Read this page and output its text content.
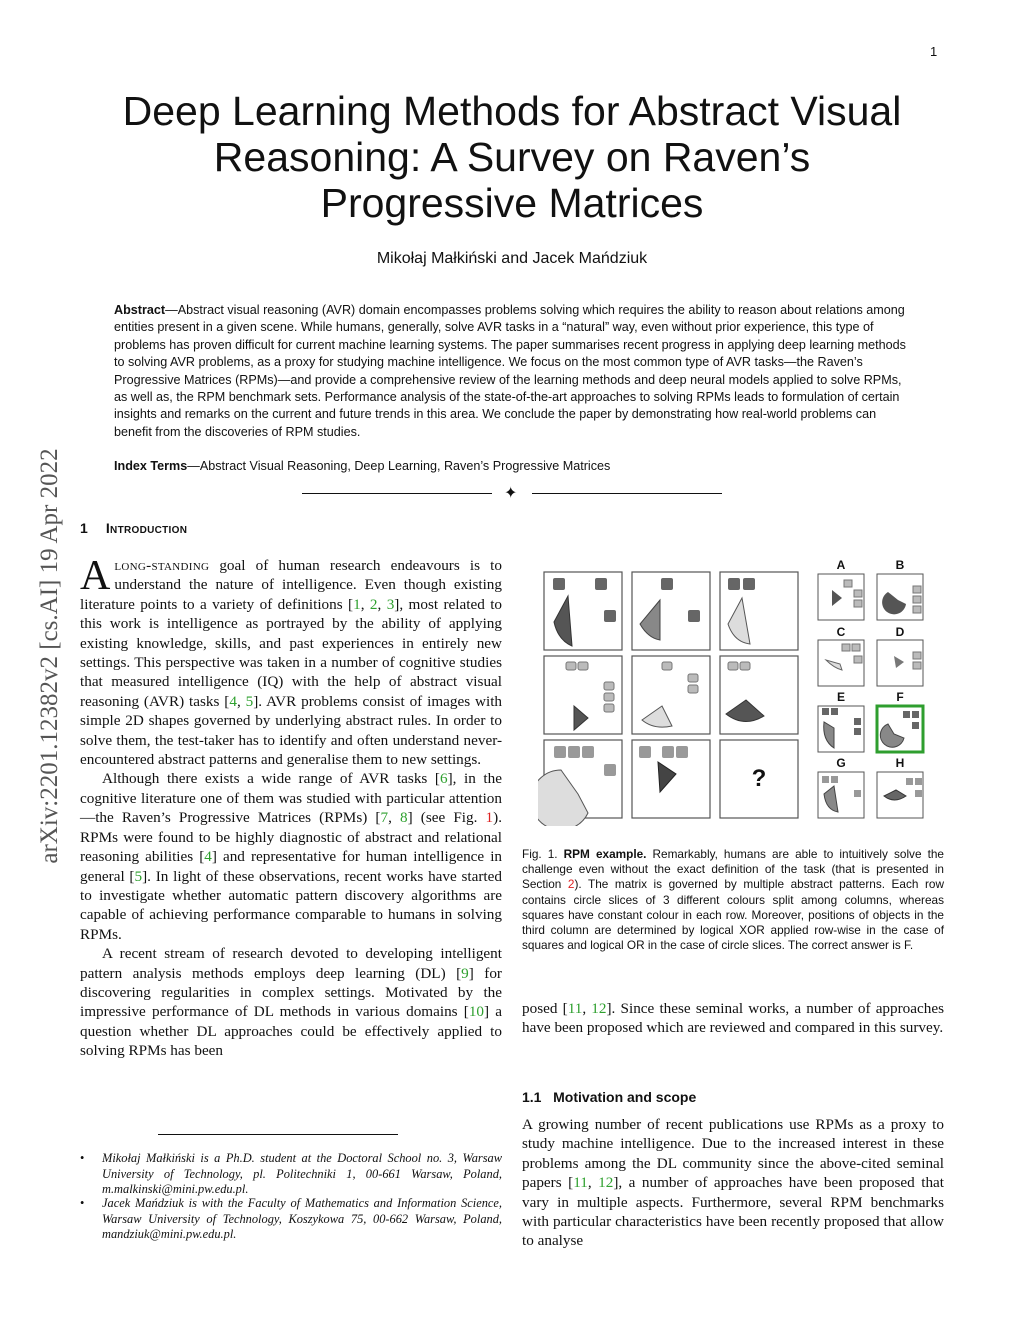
1
Deep Learning Methods for Abstract Visual Reasoning: A Survey on Raven’s Progressive Matrices
Mikołaj Małkiński and Jacek Mańdziuk
Abstract—Abstract visual reasoning (AVR) domain encompasses problems solving which requires the ability to reason about relations among entities present in a given scene. While humans, generally, solve AVR tasks in a “natural” way, even without prior experience, this type of problems has proven difficult for current machine learning systems. The paper summarises recent progress in applying deep learning methods to solving AVR problems, as a proxy for studying machine intelligence. We focus on the most common type of AVR tasks—the Raven’s Progressive Matrices (RPMs)—and provide a comprehensive review of the learning methods and deep neural models applied to solve RPMs, as well as, the RPM benchmark sets. Performance analysis of the state-of-the-art approaches to solving RPMs leads to formulation of certain insights and remarks on the current and future trends in this area. We conclude the paper by demonstrating how real-world problems can benefit from the discoveries of RPM studies.
Index Terms—Abstract Visual Reasoning, Deep Learning, Raven’s Progressive Matrices
✦
arXiv:2201.12382v2 [cs.AI] 19 Apr 2022 1 Introduction

Along-standing goal of human research endeavours is to understand the nature of intelligence. Even though existing literature points to a variety of definitions [1, 2, 3], most related to this work is intelligence as portrayed by the ability of applying existing knowledge, skills, and past experiences in entirely new settings. This perspective was taken in a number of cognitive studies that measured intelligence (IQ) with the help of abstract visual reasoning (AVR) tasks [4, 5]. AVR problems consist of images with simple 2D shapes governed by underlying abstract rules. In order to solve them, the test-taker has to identify and often understand never-encountered abstract patterns and generalise them to new settings.

Although there exists a wide range of AVR tasks [6], in the cognitive literature one of them was studied with particular attention—the Raven’s Progressive Matrices (RPMs) [7, 8] (see Fig. 1). RPMs were found to be highly diagnostic of abstract and relational reasoning abilities [4] and representative for human intelligence in general [5]. In light of these observations, recent works have started to investigate whether automatic pattern discovery algorithms are capable of achieving performance comparable to humans in solving RPMs.

A recent stream of research devoted to developing intelligent pattern analysis methods employs deep learning (DL) [9] for discovering regularities in complex settings. Motivated by the impressive performance of DL methods in various domains [10] a question whether DL approaches could be effectively applied to solving RPMs has been

• Mikołaj Małkiński is a Ph.D. student at the Doctoral School no. 3, Warsaw University of Technology, pl. Politechniki 1, 00-661 Warsaw, Poland, m.malkinski@mini.pw.edu.pl.
• Jacek Mańdziuk is with the Faculty of Mathematics and Information Science, Warsaw University of Technology, Koszykowa 75, 00-662 Warsaw, Poland, mandziuk@mini.pw.edu.pl.
?
A	B
C	D
E	F
G	H
Fig. 1. RPM example. Remarkably, humans are able to intuitively solve the challenge even without the exact definition of the task (that is presented in Section 2). The matrix is governed by multiple abstract patterns. Each row contains circle slices of 3 different colours split among columns, whereas squares have constant colour in each row. Moreover, positions of objects in the third column are determined by logical XOR applied row-wise in the case of squares and logical OR in the case of circle slices. The correct answer is F.

posed [11, 12]. Since these seminal works, a number of approaches have been proposed which are reviewed and compared in this survey.

1.1 Motivation and scope

A growing number of recent publications use RPMs as a proxy to study machine intelligence. Due to the increased interest in these problems among the DL community since the above-cited seminal papers [11, 12], a number of approaches have been proposed that vary in multiple aspects. Furthermore, several RPM benchmarks with particular characteristics have been recently proposed that allow to analyse
